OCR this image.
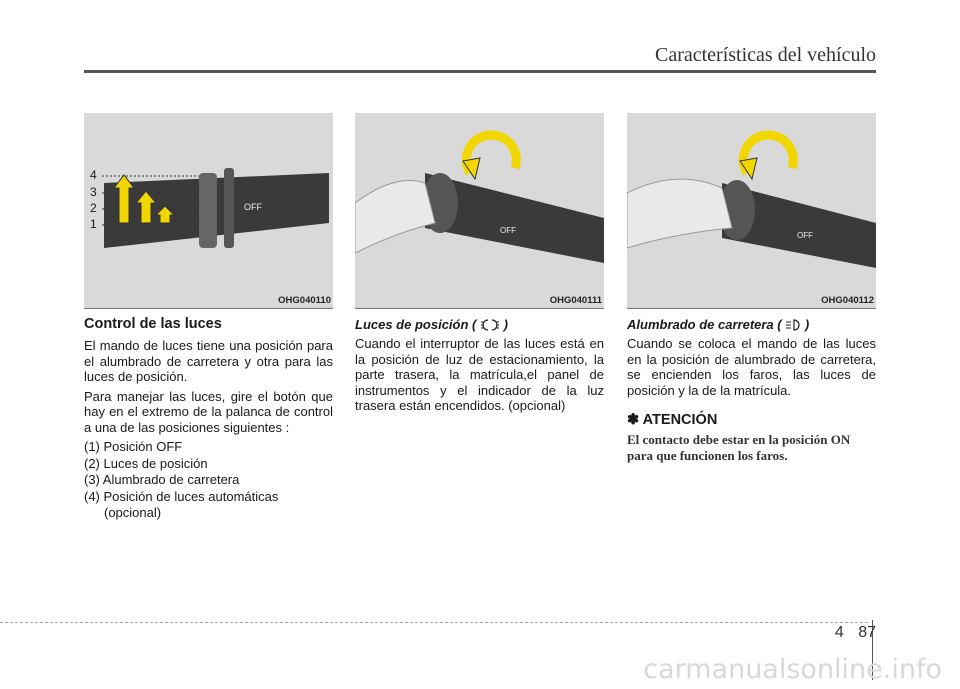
Características del vehículo
OFF
4
3
2
1
OHG040110
Control de las luces

El mando de luces tiene una posición para el alumbrado de carretera y otra para las luces de posición.

Para manejar las luces, gire el botón que hay en el extremo de la palanca de control a una de las posiciones siguientes :

(1) Posición OFF
(2) Luces de posición
(3) Alumbrado de carretera
(4) Posición de luces automáticas (opcional)
OFF
OHG040111
Luces de posición ( )

Cuando el interruptor de las luces está en la posición de luz de estacionamiento, la parte trasera, la matrícula,el panel de instrumentos y el indicador de la luz trasera están encendidos. (opcional)

OFF
OHG040112
Alumbrado de carretera ( )

Cuando se coloca el mando de las luces en la posición de alumbrado de carretera, se encienden los faros, las luces de posición y la de la matrícula.

✽ ATENCIÓN
El contacto debe estar en la posición ON para que funcionen los faros.
4 87
carmanualsonline.info
